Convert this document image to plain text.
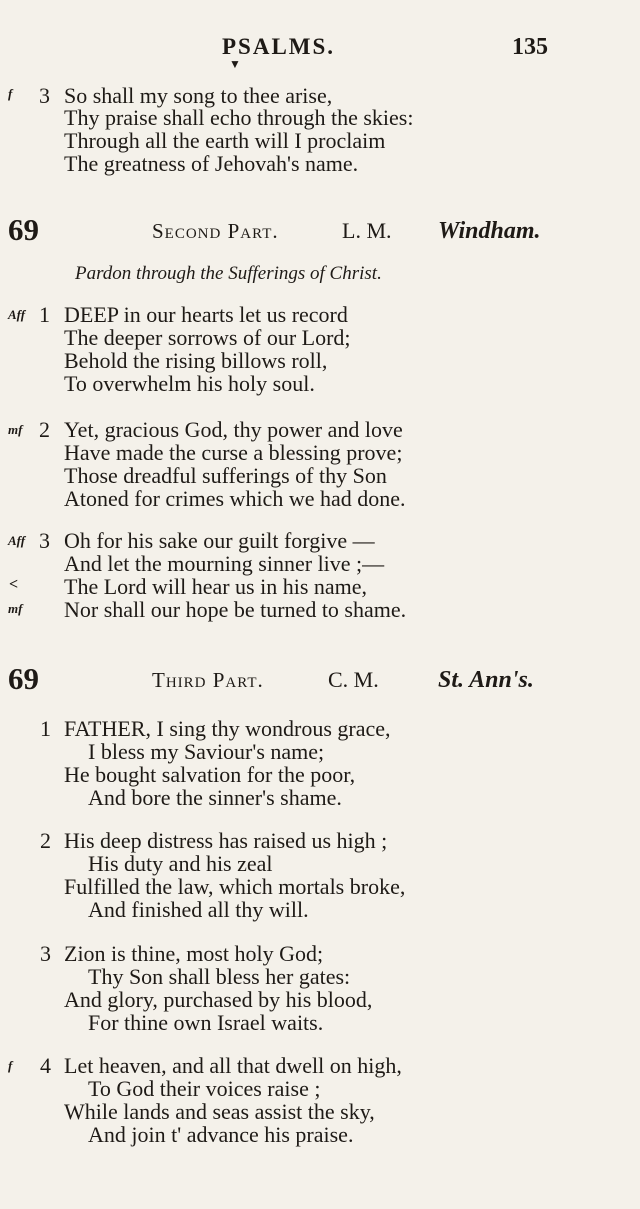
PSALMS.	135
▼
f 3 So shall my song to thee arise,
Thy praise shall echo through the skies:
Through all the earth will I proclaim
The greatness of Jehovah's name.
69	Second Part.	L. M. Windham.
Pardon through the Sufferings of Christ.
Aff 1 DEEP in our hearts let us record
The deeper sorrows of our Lord;
Behold the rising billows roll,
To overwhelm his holy soul.
mf 2 Yet, gracious God, thy power and love
Have made the curse a blessing prove;
Those dreadful sufferings of thy Son
Atoned for crimes which we had done.
Aff 3 Oh for his sake our guilt forgive —
And let the mourning sinner live ;—
< The Lord will hear us in his name,
mf Nor shall our hope be turned to shame.
69	Third Part.	C. M. St. Ann's.
1 FATHER, I sing thy wondrous grace,
I bless my Saviour's name;
He bought salvation for the poor,
And bore the sinner's shame.
2 His deep distress has raised us high ;
His duty and his zeal
Fulfilled the law, which mortals broke,
And finished all thy will.
3 Zion is thine, most holy God;
Thy Son shall bless her gates:
And glory, purchased by his blood,
For thine own Israel waits.
f 4 Let heaven, and all that dwell on high,
To God their voices raise ;
While lands and seas assist the sky,
And join t' advance his praise.
